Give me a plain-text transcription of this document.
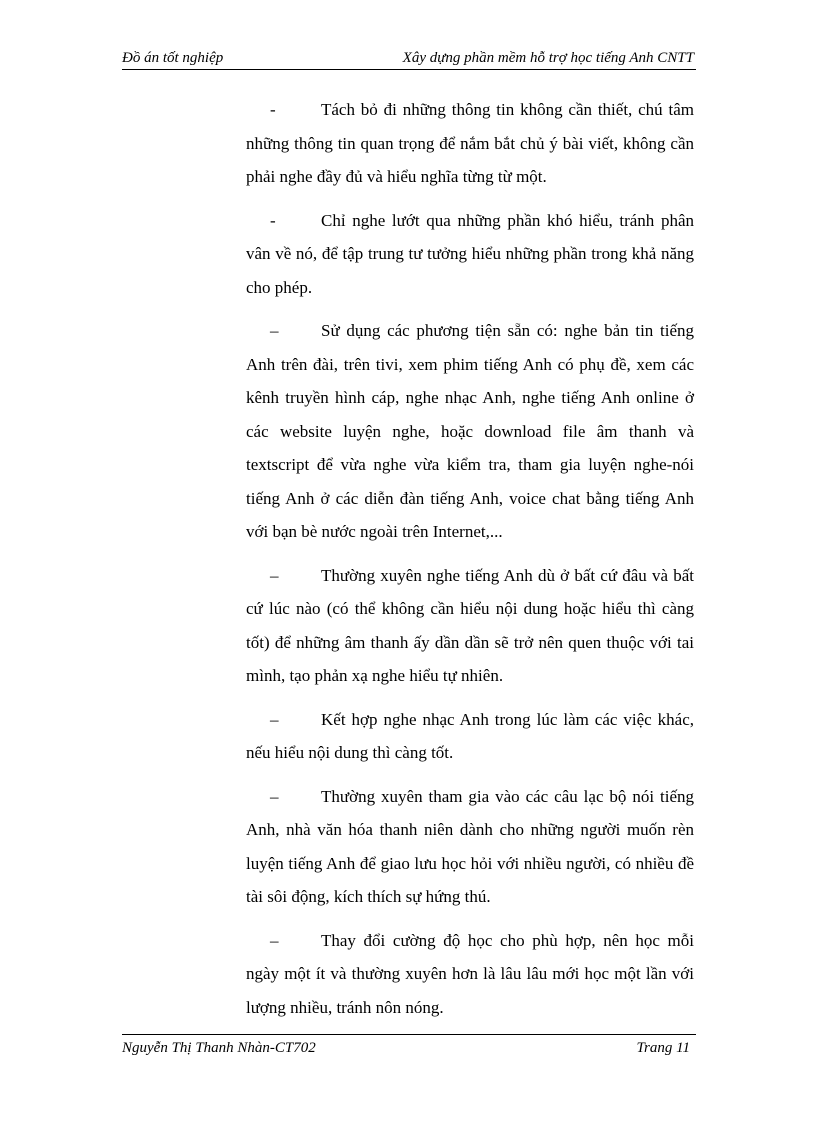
Đồ án tốt nghiệp	Xây dựng phần mềm hỗ trợ học tiếng Anh CNTT
-	Tách bỏ đi những thông tin không cần thiết, chú tâm những thông tin quan trọng để nắm bắt chủ ý bài viết, không cần phải nghe đầy đủ và hiểu nghĩa từng từ một.
-	Chỉ nghe lướt qua những phần khó hiểu, tránh phân vân về nó, để tập trung tư tưởng hiểu những phần trong khả năng cho phép.
–	Sử dụng các phương tiện sẵn có: nghe bản tin tiếng Anh trên đài, trên tivi, xem phim tiếng Anh có phụ đề, xem các kênh truyền hình cáp, nghe nhạc Anh, nghe tiếng Anh online ở các website luyện nghe, hoặc download file âm thanh và textscript để vừa nghe vừa kiểm tra, tham gia luyện nghe-nói tiếng Anh ở các diễn đàn tiếng Anh, voice chat bằng tiếng Anh với bạn bè nước ngoài trên Internet,...
–	Thường xuyên nghe tiếng Anh dù ở bất cứ đâu và bất cứ lúc nào (có thể không cần hiểu nội dung hoặc hiểu thì càng tốt) để những âm thanh ấy dần dần sẽ trở nên quen thuộc với tai mình, tạo phản xạ nghe hiểu tự nhiên.
–	Kết hợp nghe nhạc Anh trong lúc làm các việc khác, nếu hiểu nội dung thì càng tốt.
–	Thường xuyên tham gia vào các câu lạc bộ nói tiếng Anh, nhà văn hóa thanh niên dành cho những người muốn rèn luyện tiếng Anh để giao lưu học hỏi với nhiều người, có nhiều đề tài sôi động, kích thích sự hứng thú.
–	Thay đổi cường độ học cho phù hợp, nên học mỗi ngày một ít và thường xuyên hơn là lâu lâu mới học một lần với lượng nhiều, tránh nôn nóng.
Nguyễn Thị Thanh Nhàn-CT702	Trang 11
